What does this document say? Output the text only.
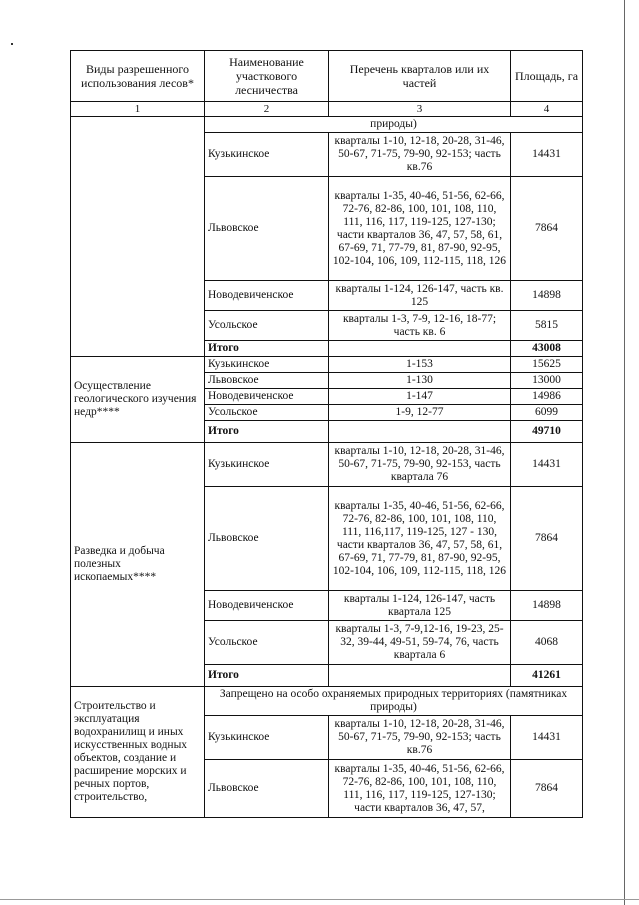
Виды разрешенного использования лесов*	Наименование участкового лесничества	Перечень кварталов или их частей	Площадь, га
1	2	3	4
	природы)		
	Кузькинское	кварталы 1-10, 12-18, 20-28, 31-46, 50-67, 71-75, 79-90, 92-153; часть кв.76	14431
	Львовское	кварталы 1-35, 40-46, 51-56, 62-66, 72-76, 82-86, 100, 101, 108, 110, 111, 116, 117, 119-125, 127-130; части кварталов 36, 47, 57, 58, 61, 67-69, 71, 77-79, 81, 87-90, 92-95, 102-104, 106, 109, 112-115, 118, 126	7864
	Новодевиченское	кварталы 1-124, 126-147, часть кв. 125	14898
	Усольское	кварталы 1-3, 7-9, 12-16, 18-77; часть кв. 6	5815
	Итого		43008
Осуществление геологического изучения недр****	Кузькинское	1-153	15625
	Львовское	1-130	13000
	Новодевиченское	1-147	14986
	Усольское	1-9, 12-77	6099
	Итого		49710
Разведка и добыча полезных ископаемых****	Кузькинское	кварталы 1-10, 12-18, 20-28, 31-46, 50-67, 71-75, 79-90, 92-153, часть квартала 76	14431
	Львовское	кварталы 1-35, 40-46, 51-56, 62-66, 72-76, 82-86, 100, 101, 108, 110, 111, 116,117, 119-125, 127 - 130, части кварталов 36, 47, 57, 58, 61, 67-69, 71, 77-79, 81, 87-90, 92-95, 102-104, 106, 109, 112-115, 118, 126	7864
	Новодевиченское	кварталы 1-124, 126-147, часть квартала 125	14898
	Усольское	кварталы 1-3, 7-9,12-16, 19-23, 25-32, 39-44, 49-51, 59-74, 76, часть квартала 6	4068
	Итого		41261
Строительство и эксплуатация водохранилищ и иных искусственных водных объектов, создание и расширение морских и речных портов, строительство,	Запрещено на особо охраняемых природных территориях (памятниках природы)		
	Кузькинское	кварталы 1-10, 12-18, 20-28, 31-46, 50-67, 71-75, 79-90, 92-153; часть кв.76	14431
	Львовское	кварталы 1-35, 40-46, 51-56, 62-66, 72-76, 82-86, 100, 101, 108, 110, 111, 116, 117, 119-125, 127-130; части кварталов 36, 47, 57,	7864
